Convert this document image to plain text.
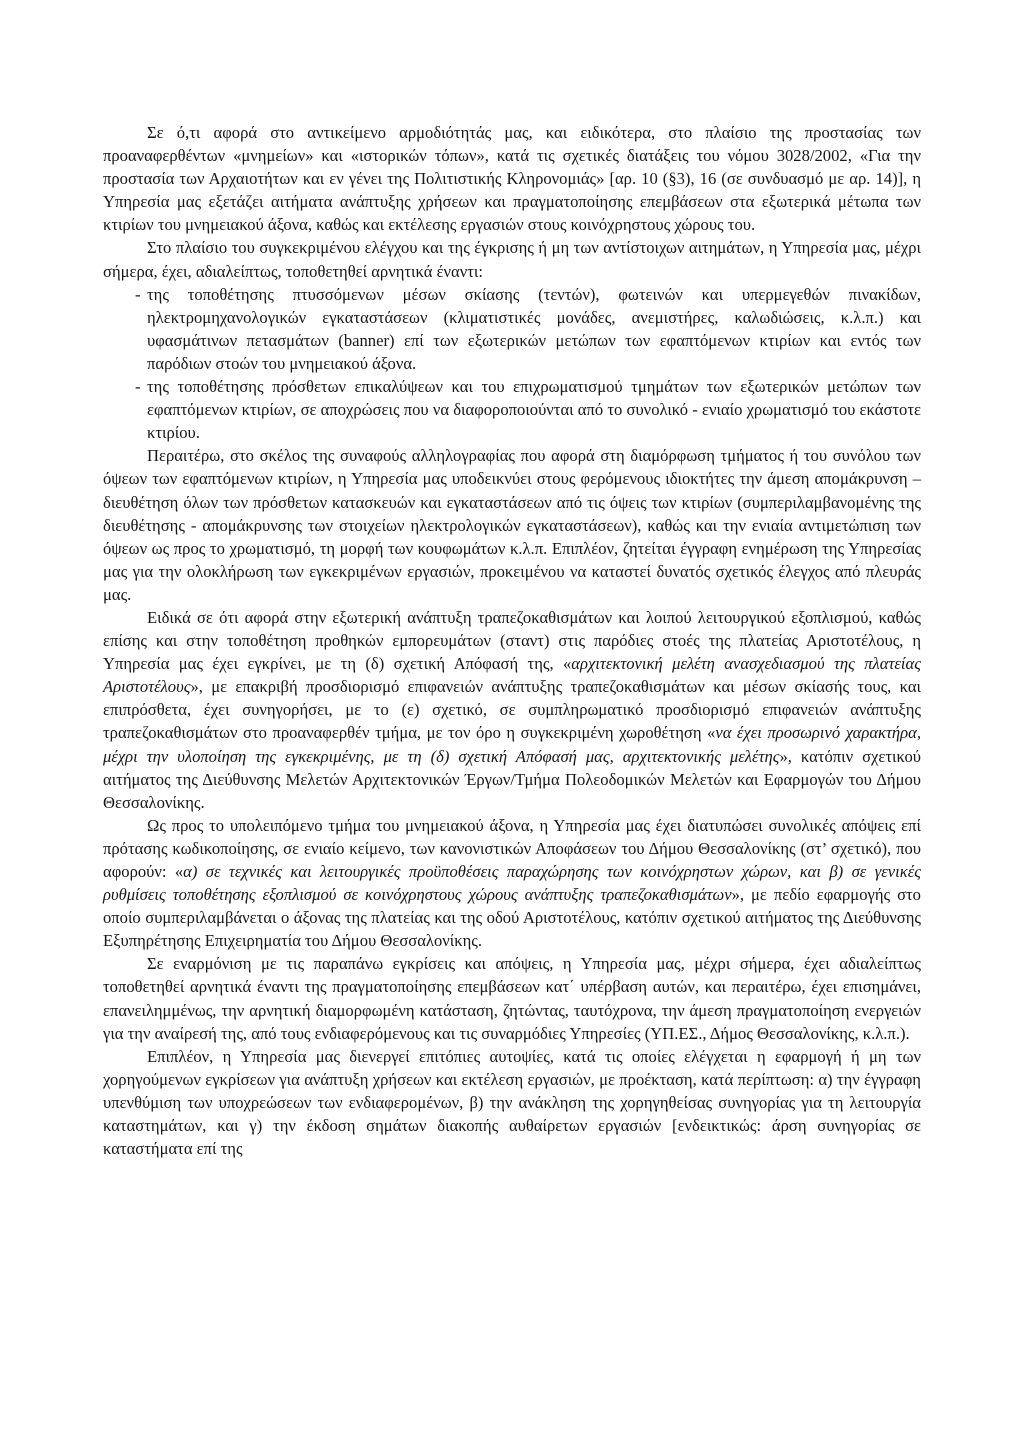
Σε ό,τι αφορά στο αντικείμενο αρμοδιότητάς μας, και ειδικότερα, στο πλαίσιο της προστασίας των προαναφερθέντων «μνημείων» και «ιστορικών τόπων», κατά τις σχετικές διατάξεις του νόμου 3028/2002, «Για την προστασία των Αρχαιοτήτων και εν γένει της Πολιτιστικής Κληρονομιάς» [αρ. 10 (§3), 16 (σε συνδυασμό με αρ. 14)], η Υπηρεσία μας εξετάζει αιτήματα ανάπτυξης χρήσεων και πραγματοποίησης επεμβάσεων στα εξωτερικά μέτωπα των κτιρίων του μνημειακού άξονα, καθώς και εκτέλεσης εργασιών στους κοινόχρηστους χώρους του.

Στο πλαίσιο του συγκεκριμένου ελέγχου και της έγκρισης ή μη των αντίστοιχων αιτημάτων, η Υπηρεσία μας, μέχρι σήμερα, έχει, αδιαλείπτως, τοποθετηθεί αρνητικά έναντι:

- της τοποθέτησης πτυσσόμενων μέσων σκίασης (τεντών), φωτεινών και υπερμεγεθών πινακίδων, ηλεκτρομηχανολογικών εγκαταστάσεων (κλιματιστικές μονάδες, ανεμιστήρες, καλωδιώσεις, κ.λ.π.) και υφασμάτινων πετασμάτων (banner) επί των εξωτερικών μετώπων των εφαπτόμενων κτιρίων και εντός των παρόδιων στοών του μνημειακού άξονα.
- της τοποθέτησης πρόσθετων επικαλύψεων και του επιχρωματισμού τμημάτων των εξωτερικών μετώπων των εφαπτόμενων κτιρίων, σε αποχρώσεις που να διαφοροποιούνται από το συνολικό - ενιαίο χρωματισμό του εκάστοτε κτιρίου.

Περαιτέρω, στο σκέλος της συναφούς αλληλογραφίας που αφορά στη διαμόρφωση τμήματος ή του συνόλου των όψεων των εφαπτόμενων κτιρίων, η Υπηρεσία μας υποδεικνύει στους φερόμενους ιδιοκτήτες την άμεση απομάκρυνση – διευθέτηση όλων των πρόσθετων κατασκευών και εγκαταστάσεων από τις όψεις των κτιρίων (συμπεριλαμβανομένης της διευθέτησης - απομάκρυνσης των στοιχείων ηλεκτρολογικών εγκαταστάσεων), καθώς και την ενιαία αντιμετώπιση των όψεων ως προς το χρωματισμό, τη μορφή των κουφωμάτων κ.λ.π. Επιπλέον, ζητείται έγγραφη ενημέρωση της Υπηρεσίας μας για την ολοκλήρωση των εγκεκριμένων εργασιών, προκειμένου να καταστεί δυνατός σχετικός έλεγχος από πλευράς μας.

Ειδικά σε ότι αφορά στην εξωτερική ανάπτυξη τραπεζοκαθισμάτων και λοιπού λειτουργικού εξοπλισμού, καθώς επίσης και στην τοποθέτηση προθηκών εμπορευμάτων (σταντ) στις παρόδιες στοές της πλατείας Αριστοτέλους, η Υπηρεσία μας έχει εγκρίνει, με τη (δ) σχετική Απόφασή της, «αρχιτεκτονική μελέτη ανασχεδιασμού της πλατείας Αριστοτέλους», με επακριβή προσδιορισμό επιφανειών ανάπτυξης τραπεζοκαθισμάτων και μέσων σκίασής τους, και επιπρόσθετα, έχει συνηγορήσει, με το (ε) σχετικό, σε συμπληρωματικό προσδιορισμό επιφανειών ανάπτυξης τραπεζοκαθισμάτων στο προαναφερθέν τμήμα, με τον όρο η συγκεκριμένη χωροθέτηση «να έχει προσωρινό χαρακτήρα, μέχρι την υλοποίηση της εγκεκριμένης, με τη (δ) σχετική Απόφασή μας, αρχιτεκτονικής μελέτης», κατόπιν σχετικού αιτήματος της Διεύθυνσης Μελετών Αρχιτεκτονικών Έργων/Τμήμα Πολεοδομικών Μελετών και Εφαρμογών του Δήμου Θεσσαλονίκης.

Ως προς το υπολειπόμενο τμήμα του μνημειακού άξονα, η Υπηρεσία μας έχει διατυπώσει συνολικές απόψεις επί πρότασης κωδικοποίησης, σε ενιαίο κείμενο, των κανονιστικών Αποφάσεων του Δήμου Θεσσαλονίκης (στ’ σχετικό), που αφορούν: «α) σε τεχνικές και λειτουργικές προϋποθέσεις παραχώρησης των κοινόχρηστων χώρων, και β) σε γενικές ρυθμίσεις τοποθέτησης εξοπλισμού σε κοινόχρηστους χώρους ανάπτυξης τραπεζοκαθισμάτων», με πεδίο εφαρμογής στο οποίο συμπεριλαμβάνεται ο άξονας της πλατείας και της οδού Αριστοτέλους, κατόπιν σχετικού αιτήματος της Διεύθυνσης Εξυπηρέτησης Επιχειρηματία του Δήμου Θεσσαλονίκης.

Σε εναρμόνιση με τις παραπάνω εγκρίσεις και απόψεις, η Υπηρεσία μας, μέχρι σήμερα, έχει αδιαλείπτως τοποθετηθεί αρνητικά έναντι της πραγματοποίησης επεμβάσεων κατ΄ υπέρβαση αυτών, και περαιτέρω, έχει επισημάνει, επανειλημμένως, την αρνητική διαμορφωμένη κατάσταση, ζητώντας, ταυτόχρονα, την άμεση πραγματοποίηση ενεργειών για την αναίρεσή της, από τους ενδιαφερόμενους και τις συναρμόδιες Υπηρεσίες (ΥΠ.ΕΣ., Δήμος Θεσσαλονίκης, κ.λ.π.).

Επιπλέον, η Υπηρεσία μας διενεργεί επιτόπιες αυτοψίες, κατά τις οποίες ελέγχεται η εφαρμογή ή μη των χορηγούμενων εγκρίσεων για ανάπτυξη χρήσεων και εκτέλεση εργασιών, με προέκταση, κατά περίπτωση: α) την έγγραφη υπενθύμιση των υποχρεώσεων των ενδιαφερομένων, β) την ανάκληση της χορηγηθείσας συνηγορίας για τη λειτουργία καταστημάτων, και γ) την έκδοση σημάτων διακοπής αυθαίρετων εργασιών [ενδεικτικώς: άρση συνηγορίας σε καταστήματα επί της
